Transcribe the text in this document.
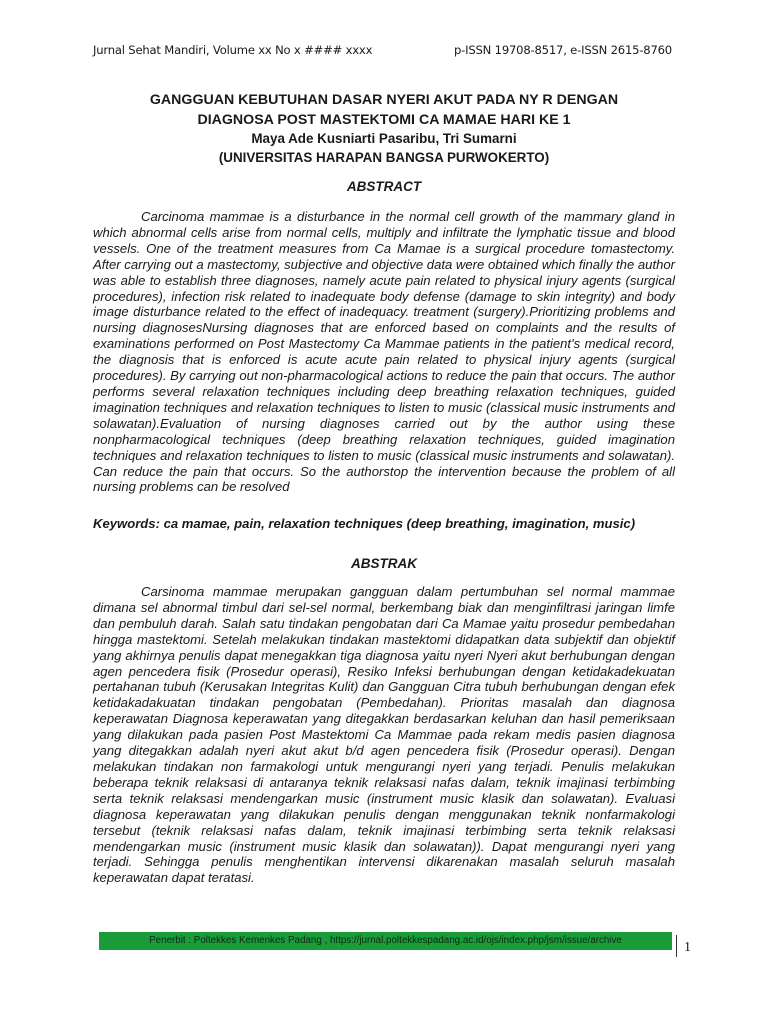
Jurnal Sehat Mandiri, Volume xx No x #### xxxx	p-ISSN 19708-8517, e-ISSN 2615-8760

GANGGUAN KEBUTUHAN DASAR NYERI AKUT PADA NY R DENGAN

DIAGNOSA POST MASTEKTOMI CA MAMAE HARI KE 1

Maya Ade Kusniarti Pasaribu, Tri Sumarni

(UNIVERSITAS HARAPAN BANGSA PURWOKERTO)

ABSTRACT

Carcinoma mammae is a disturbance in the normal cell growth of the mammary gland in which abnormal cells arise from normal cells, multiply and infiltrate the lymphatic tissue and blood vessels. One of the treatment measures from Ca Mamae is a surgical procedure tomastectomy. After carrying out a mastectomy, subjective and objective data were obtained which finally the author was able to establish three diagnoses, namely acute pain related to physical injury agents (surgical procedures), infection risk related to inadequate body defense (damage to skin integrity) and body image disturbance related to the effect of inadequacy. treatment (surgery).Prioritizing problems and nursing diagnosesNursing diagnoses that are enforced based on complaints and the results of examinations performed on Post Mastectomy Ca Mammae patients in the patient's medical record, the diagnosis that is enforced is acute acute pain related to physical injury agents (surgical procedures). By carrying out non-pharmacological actions to reduce the pain that occurs. The author performs several relaxation techniques including deep breathing relaxation techniques, guided imagination techniques and relaxation techniques to listen to music (classical music instruments and solawatan).Evaluation of nursing diagnoses carried out by the author using these nonpharmacological techniques (deep breathing relaxation techniques, guided imagination techniques and relaxation techniques to listen to music (classical music instruments and solawatan). Can reduce the pain that occurs. So the authorstop the intervention because the problem of all nursing problems can be resolved

Keywords: ca mamae, pain, relaxation techniques (deep breathing, imagination, music)

ABSTRAK

Carsinoma mammae merupakan gangguan dalam pertumbuhan sel normal mammae dimana sel abnormal timbul dari sel-sel normal, berkembang biak dan menginfiltrasi jaringan limfe dan pembuluh darah. Salah satu tindakan pengobatan dari Ca Mamae yaitu prosedur pembedahan hingga mastektomi. Setelah melakukan tindakan mastektomi didapatkan data subjektif dan objektif yang akhirnya penulis dapat menegakkan tiga diagnosa yaitu nyeri Nyeri akut berhubungan dengan agen pencedera fisik (Prosedur operasi), Resiko Infeksi berhubungan dengan ketidakadekuatan pertahanan tubuh (Kerusakan Integritas Kulit) dan Gangguan Citra tubuh berhubungan dengan efek ketidakadakuatan tindakan pengobatan (Pembedahan). Prioritas masalah dan diagnosa keperawatan Diagnosa keperawatan yang ditegakkan berdasarkan keluhan dan hasil pemeriksaan yang dilakukan pada pasien Post Mastektomi Ca Mammae pada rekam medis pasien diagnosa yang ditegakkan adalah nyeri akut akut b/d agen pencedera fisik (Prosedur operasi). Dengan melakukan tindakan non farmakologi untuk mengurangi nyeri yang terjadi. Penulis melakukan beberapa teknik relaksasi di antaranya teknik relaksasi nafas dalam, teknik imajinasi terbimbing serta teknik relaksasi mendengarkan music (instrument music klasik dan solawatan). Evaluasi diagnosa keperawatan yang dilakukan penulis dengan menggunakan teknik nonfarmakologi tersebut (teknik relaksasi nafas dalam, teknik imajinasi terbimbing serta teknik relaksasi mendengarkan music (instrument music klasik dan solawatan)). Dapat mengurangi nyeri yang terjadi. Sehingga penulis menghentikan intervensi dikarenakan masalah seluruh masalah keperawatan dapat teratasi.

Penerbit : Poltekkes Kemenkes Padang , https://jurnal.poltekkespadang.ac.id/ojs/index.php/jsm/issue/archive	1
